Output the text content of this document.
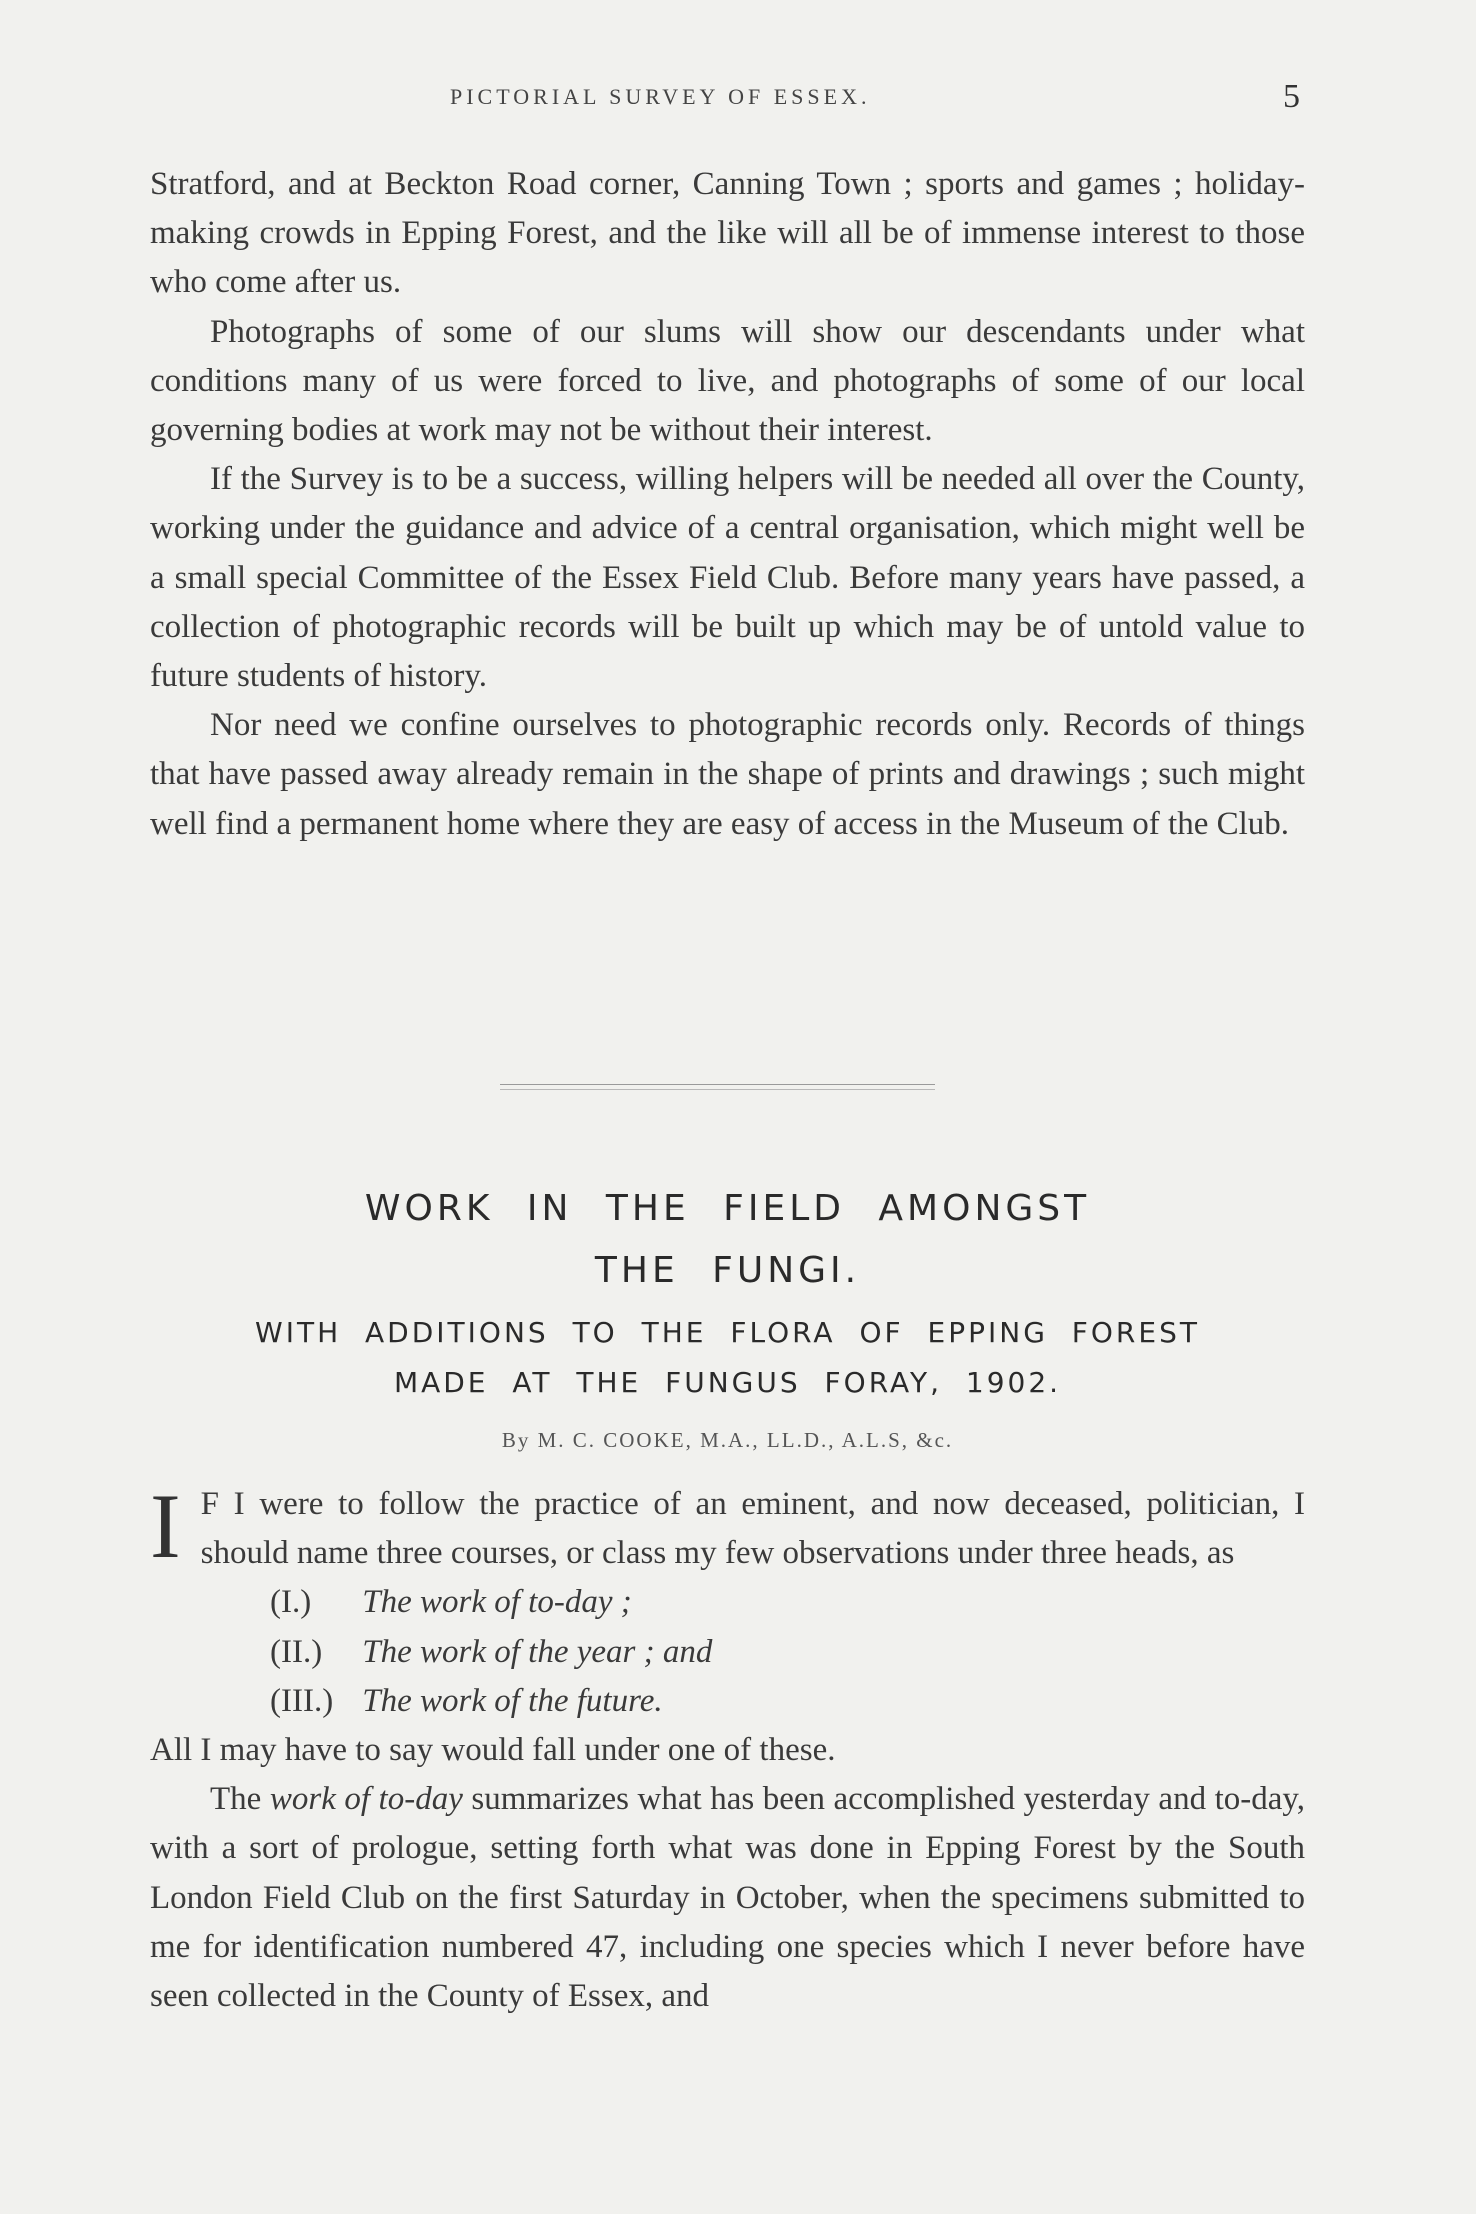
PICTORIAL SURVEY OF ESSEX.	5

Stratford, and at Beckton Road corner, Canning Town ; sports and games ; holiday-making crowds in Epping Forest, and the like will all be of immense interest to those who come after us.

Photographs of some of our slums will show our descendants under what conditions many of us were forced to live, and photographs of some of our local governing bodies at work may not be without their interest.

If the Survey is to be a success, willing helpers will be needed all over the County, working under the guidance and advice of a central organisation, which might well be a small special Committee of the Essex Field Club. Before many years have passed, a collection of photographic records will be built up which may be of untold value to future students of history.

Nor need we confine ourselves to photographic records only. Records of things that have passed away already remain in the shape of prints and drawings ; such might well find a permanent home where they are easy of access in the Museum of the Club.

WORK IN THE FIELD AMONGST
THE FUNGI.
WITH ADDITIONS TO THE FLORA OF EPPING FOREST
MADE AT THE FUNGUS FORAY, 1902.
By M. C. COOKE, M.A., LL.D., A.L.S, &c.

I F I were to follow the practice of an eminent, and now deceased, politician, I should name three courses, or class my few observations under three heads, as

(I.) The work of to-day ;
(II.) The work of the year ; and
(III.) The work of the future.

All I may have to say would fall under one of these.

The work of to-day summarizes what has been accomplished yesterday and to-day, with a sort of prologue, setting forth what was done in Epping Forest by the South London Field Club on the first Saturday in October, when the specimens submitted to me for identification numbered 47, including one species which I never before have seen collected in the County of Essex, and
